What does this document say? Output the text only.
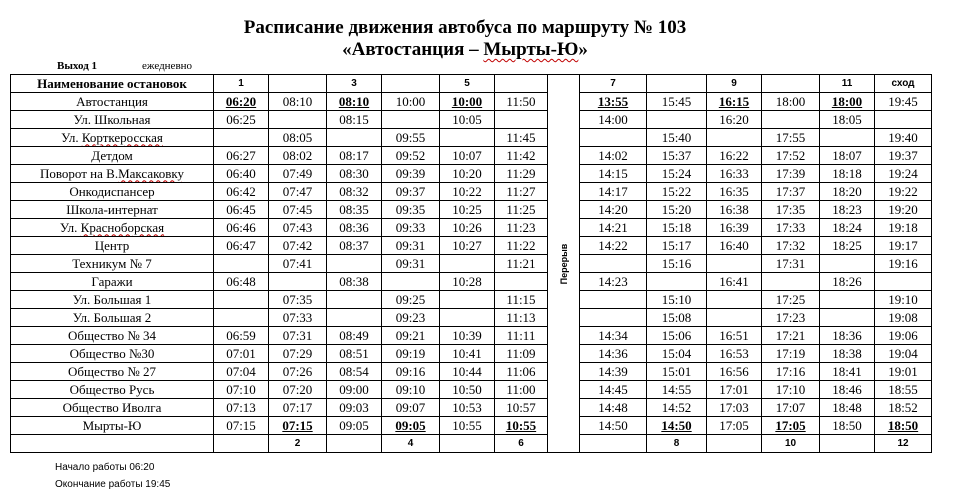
Расписание движения автобуса по маршруту № 103
«Автостанция – Мырты-Ю»
Выход 1	ежедневно
Наименование остановок	1		3		5		Перерыв	7		9		11	сход
Автостанция	06:20	08:10	08:10	10:00	10:00	11:50		13:55	15:45	16:15	18:00	18:00	19:45
Ул. Школьная	06:25		08:15		10:05			14:00		16:20		18:05	
Ул. Корткеросская		08:05		09:55		11:45			15:40		17:55		19:40
Детдом	06:27	08:02	08:17	09:52	10:07	11:42		14:02	15:37	16:22	17:52	18:07	19:37
Поворот на В.Максаковку	06:40	07:49	08:30	09:39	10:20	11:29		14:15	15:24	16:33	17:39	18:18	19:24
Онкодиспансер	06:42	07:47	08:32	09:37	10:22	11:27		14:17	15:22	16:35	17:37	18:20	19:22
Школа-интернат	06:45	07:45	08:35	09:35	10:25	11:25		14:20	15:20	16:38	17:35	18:23	19:20
Ул. Красноборская	06:46	07:43	08:36	09:33	10:26	11:23		14:21	15:18	16:39	17:33	18:24	19:18
Центр	06:47	07:42	08:37	09:31	10:27	11:22		14:22	15:17	16:40	17:32	18:25	19:17
Техникум № 7		07:41		09:31		11:21			15:16		17:31		19:16
Гаражи	06:48		08:38		10:28			14:23		16:41		18:26	
Ул. Большая 1		07:35		09:25		11:15			15:10		17:25		19:10
Ул. Большая 2		07:33		09:23		11:13			15:08		17:23		19:08
Общество № 34	06:59	07:31	08:49	09:21	10:39	11:11		14:34	15:06	16:51	17:21	18:36	19:06
Общество №30	07:01	07:29	08:51	09:19	10:41	11:09		14:36	15:04	16:53	17:19	18:38	19:04
Общество № 27	07:04	07:26	08:54	09:16	10:44	11:06		14:39	15:01	16:56	17:16	18:41	19:01
Общество Русь	07:10	07:20	09:00	09:10	10:50	11:00		14:45	14:55	17:01	17:10	18:46	18:55
Общество Иволга	07:13	07:17	09:03	09:07	10:53	10:57		14:48	14:52	17:03	17:07	18:48	18:52
Мырты-Ю	07:15	07:15	09:05	09:05	10:55	10:55		14:50	14:50	17:05	17:05	18:50	18:50
		2		4		6			8		10		12
Начало работы 06:20
Окончание работы 19:45
